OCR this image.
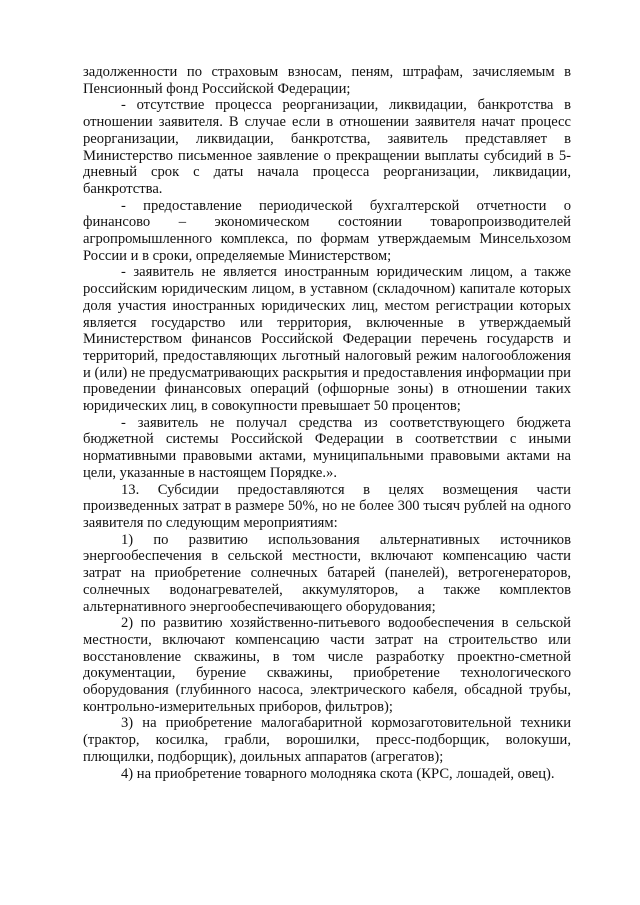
задолженности по страховым взносам, пеням, штрафам, зачисляемым в Пенсионный фонд Российской Федерации;

- отсутствие процесса реорганизации, ликвидации, банкротства в отношении заявителя. В случае если в отношении заявителя начат процесс реорганизации, ликвидации, банкротства, заявитель представляет в Министерство письменное заявление о прекращении выплаты субсидий в 5-дневный срок с даты начала процесса реорганизации, ликвидации, банкротства.

- предоставление периодической бухгалтерской отчетности о финансово – экономическом состоянии товаропроизводителей агропромышленного комплекса, по формам утверждаемым Минсельхозом России и в сроки, определяемые Министерством;

- заявитель не является иностранным юридическим лицом, а также российским юридическим лицом, в уставном (складочном) капитале которых доля участия иностранных юридических лиц, местом регистрации которых является государство или территория, включенные в утверждаемый Министерством финансов Российской Федерации перечень государств и территорий, предоставляющих льготный налоговый режим налогообложения и (или) не предусматривающих раскрытия и предоставления информации при проведении финансовых операций (офшорные зоны) в отношении таких юридических лиц, в совокупности превышает 50 процентов;

- заявитель не получал средства из соответствующего бюджета бюджетной системы Российской Федерации в соответствии с иными нормативными правовыми актами, муниципальными правовыми актами на цели, указанные в настоящем Порядке.».

13. Субсидии предоставляются в целях возмещения части произведенных затрат в размере 50%, но не более 300 тысяч рублей на одного заявителя по следующим мероприятиям:

1) по развитию использования альтернативных источников энергообеспечения в сельской местности, включают компенсацию части затрат на приобретение солнечных батарей (панелей), ветрогенераторов, солнечных водонагревателей, аккумуляторов, а также комплектов альтернативного энергообеспечивающего оборудования;

2) по развитию хозяйственно-питьевого водообеспечения в сельской местности, включают компенсацию части затрат на строительство или восстановление скважины, в том числе разработку проектно-сметной документации, бурение скважины, приобретение технологического оборудования (глубинного насоса, электрического кабеля, обсадной трубы, контрольно-измерительных приборов, фильтров);

3) на приобретение малогабаритной кормозаготовительной техники (трактор, косилка, грабли, ворошилки, пресс-подборщик, волокуши, плющилки, подборщик), доильных аппаратов (агрегатов);

4) на приобретение товарного молодняка скота (КРС, лошадей, овец).
